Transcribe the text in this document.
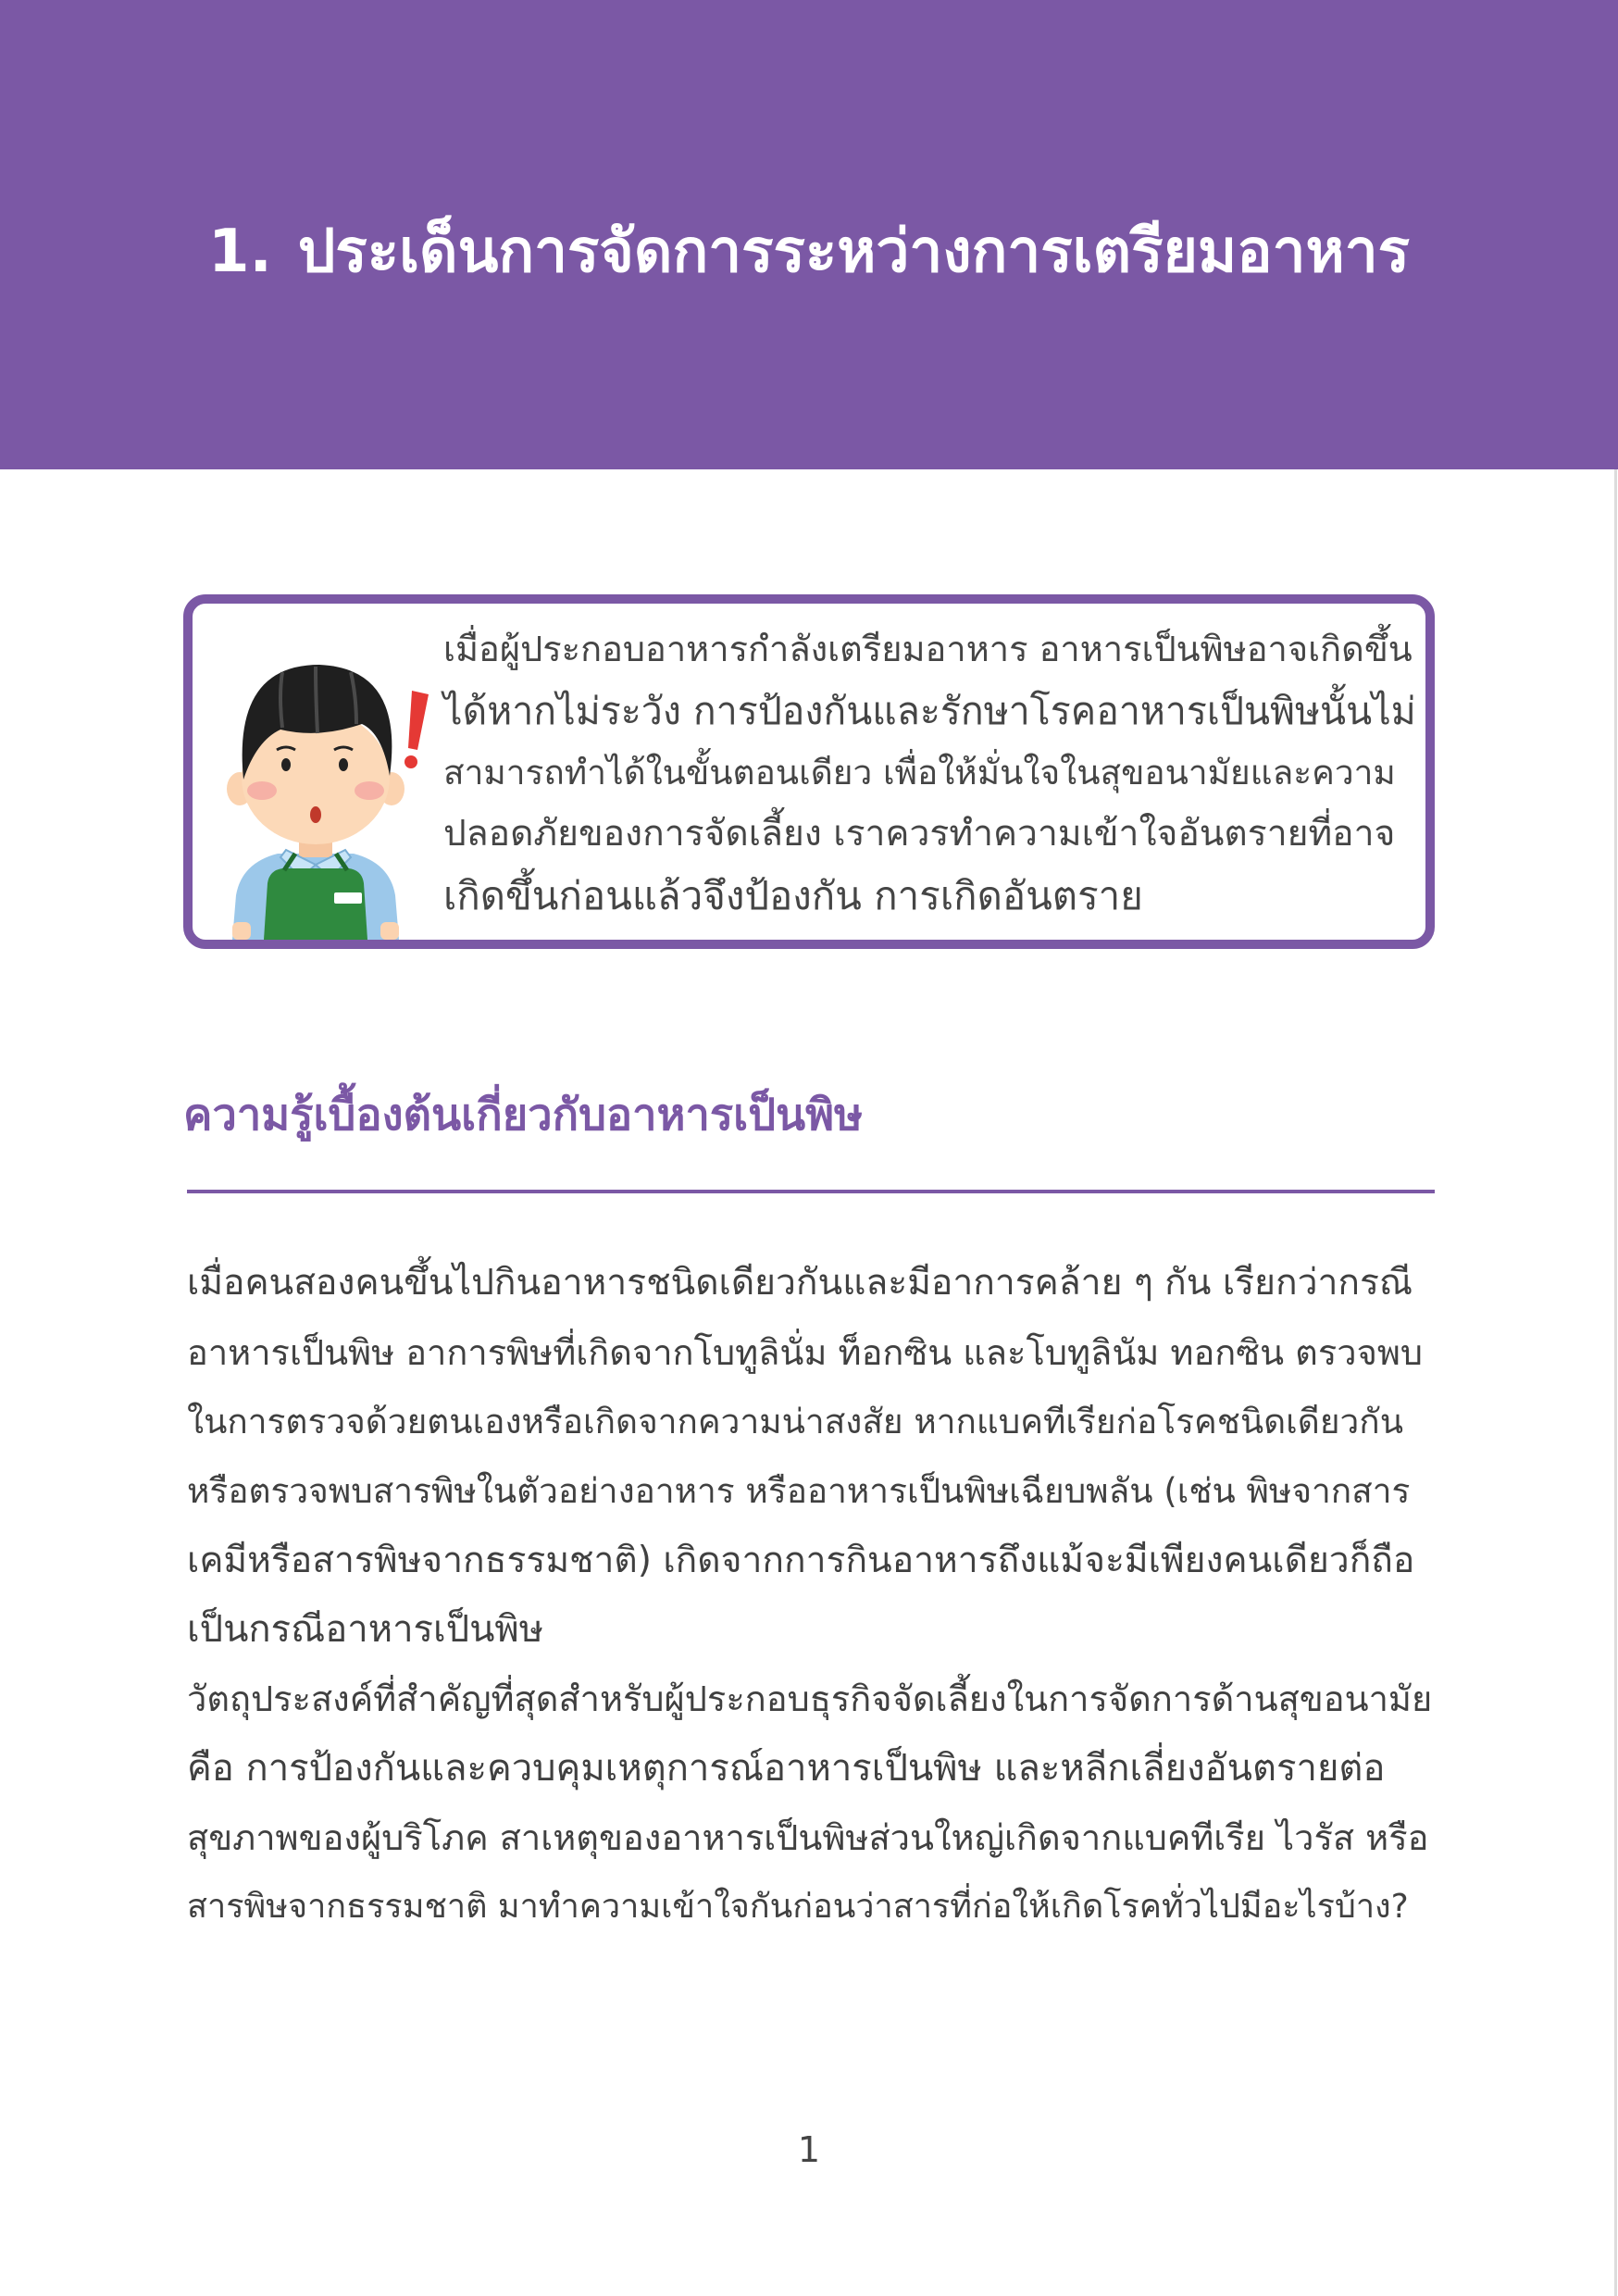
1. ประเด็นการจัดการระหว่างการเตรียมอาหาร
เมื่อผู้ประกอบอาหารกำลังเตรียมอาหาร อาหารเป็นพิษอาจเกิดขึ้น
ได้หากไม่ระวัง การป้องกันและรักษาโรคอาหารเป็นพิษนั้นไม่
สามารถทำได้ในขั้นตอนเดียว เพื่อให้มั่นใจในสุขอนามัยและความ
ปลอดภัยของการจัดเลี้ยง เราควรทำความเข้าใจอันตรายที่อาจ
เกิดขึ้นก่อนแล้วจึงป้องกัน การเกิดอันตราย
ความรู้เบื้องต้นเกี่ยวกับอาหารเป็นพิษ
เมื่อคนสองคนขึ้นไปกินอาหารชนิดเดียวกันและมีอาการคล้าย ๆ กัน เรียกว่ากรณี
อาหารเป็นพิษ อาการพิษที่เกิดจากโบทูลินั่ม ท็อกซิน และโบทูลินัม ทอกซิน ตรวจพบ
ในการตรวจด้วยตนเองหรือเกิดจากความน่าสงสัย หากแบคทีเรียก่อโรคชนิดเดียวกัน
หรือตรวจพบสารพิษในตัวอย่างอาหาร หรืออาหารเป็นพิษเฉียบพลัน (เช่น พิษจากสาร
เคมีหรือสารพิษจากธรรมชาติ) เกิดจากการกินอาหารถึงแม้จะมีเพียงคนเดียวก็ถือ
เป็นกรณีอาหารเป็นพิษ
วัตถุประสงค์ที่สำคัญที่สุดสำหรับผู้ประกอบธุรกิจจัดเลี้ยงในการจัดการด้านสุขอนามัย
คือ การป้องกันและควบคุมเหตุการณ์อาหารเป็นพิษ และหลีกเลี่ยงอันตรายต่อ
สุขภาพของผู้บริโภค สาเหตุของอาหารเป็นพิษส่วนใหญ่เกิดจากแบคทีเรีย ไวรัส หรือ
สารพิษจากธรรมชาติ มาทำความเข้าใจกันก่อนว่าสารที่ก่อให้เกิดโรคทั่วไปมีอะไรบ้าง?
1
